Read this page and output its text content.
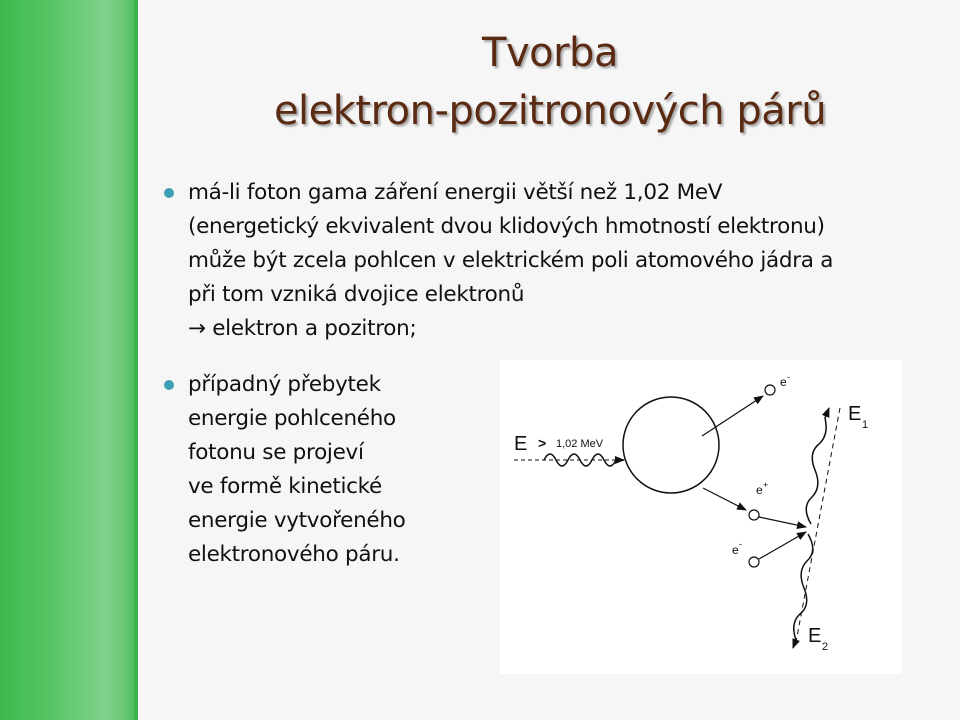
Tvorba
elektron-pozitronových párů
má-li foton gama záření energii větší než 1,02 MeV
(energetický ekvivalent dvou klidových hmotností elektronu)
může být zcela pohlcen v elektrickém poli atomového jádra a
při tom vzniká dvojice elektronů
→ elektron a pozitron;
případný přebytek
energie pohlceného
fotonu se projeví
ve formě kinetické
energie vytvořeného
elektronového páru.
E > 1,02 MeV
e -
e +
e -
E 1
E 2
